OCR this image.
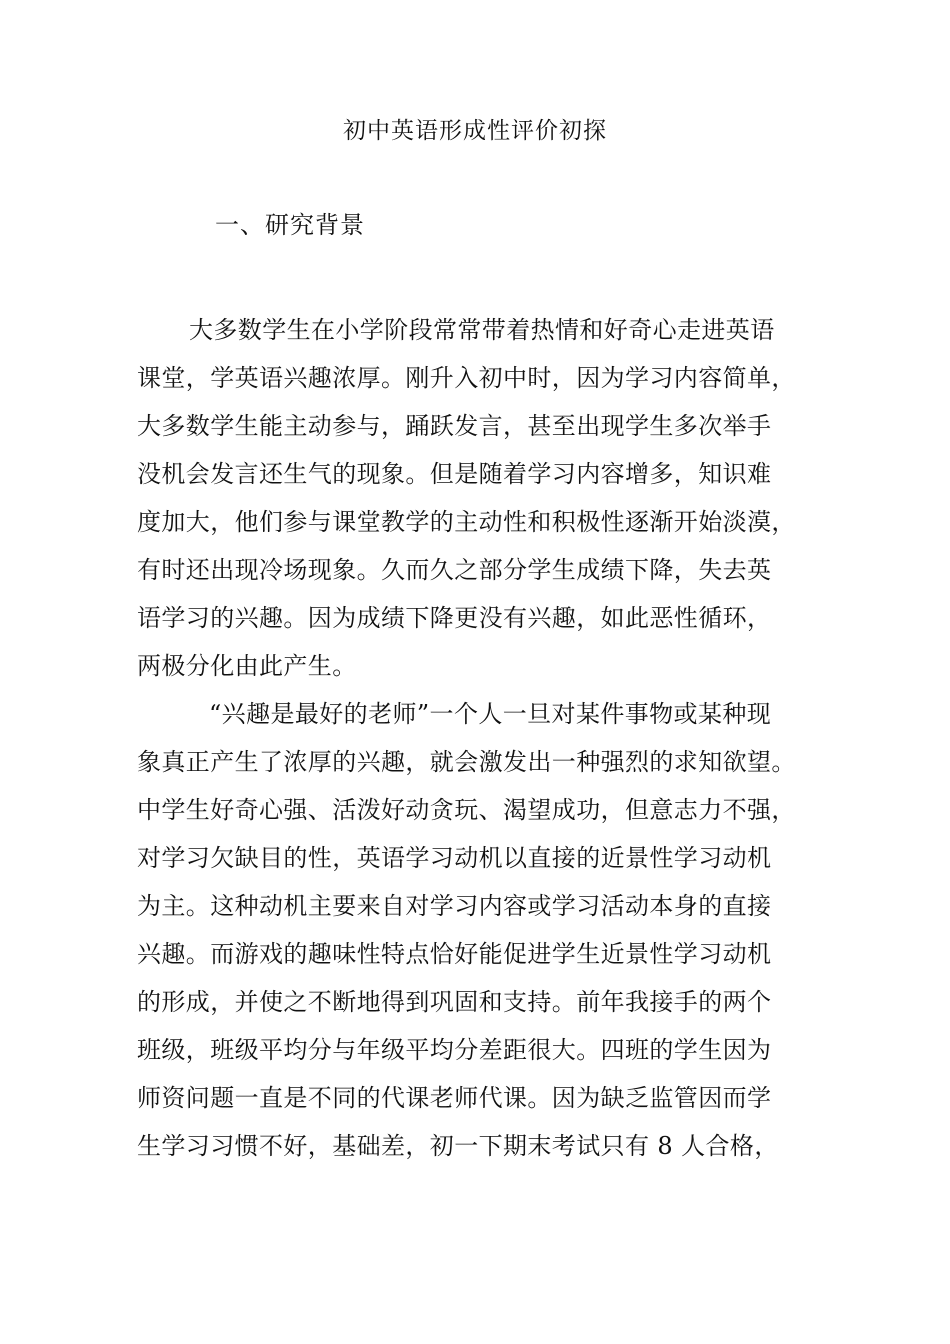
初中英语形成性评价初探
一、研究背景
大多数学生在小学阶段常常带着热情和好奇心走进英语
课堂，学英语兴趣浓厚。刚升入初中时，因为学习内容简单，
大多数学生能主动参与，踊跃发言，甚至出现学生多次举手
没机会发言还生气的现象。但是随着学习内容增多，知识难
度加大，他们参与课堂教学的主动性和积极性逐渐开始淡漠，
有时还出现冷场现象。久而久之部分学生成绩下降，失去英
语学习的兴趣。因为成绩下降更没有兴趣，如此恶性循环，
两极分化由此产生。
“兴趣是最好的老师”一个人一旦对某件事物或某种现
象真正产生了浓厚的兴趣，就会激发出一种强烈的求知欲望。
中学生好奇心强、活泼好动贪玩、渴望成功，但意志力不强，
对学习欠缺目的性，英语学习动机以直接的近景性学习动机
为主。这种动机主要来自对学习内容或学习活动本身的直接
兴趣。而游戏的趣味性特点恰好能促进学生近景性学习动机
的形成，并使之不断地得到巩固和支持。前年我接手的两个
班级，班级平均分与年级平均分差距很大。四班的学生因为
师资问题一直是不同的代课老师代课。因为缺乏监管因而学
生学习习惯不好，基础差，初一下期末考试只有 8 人合格，
